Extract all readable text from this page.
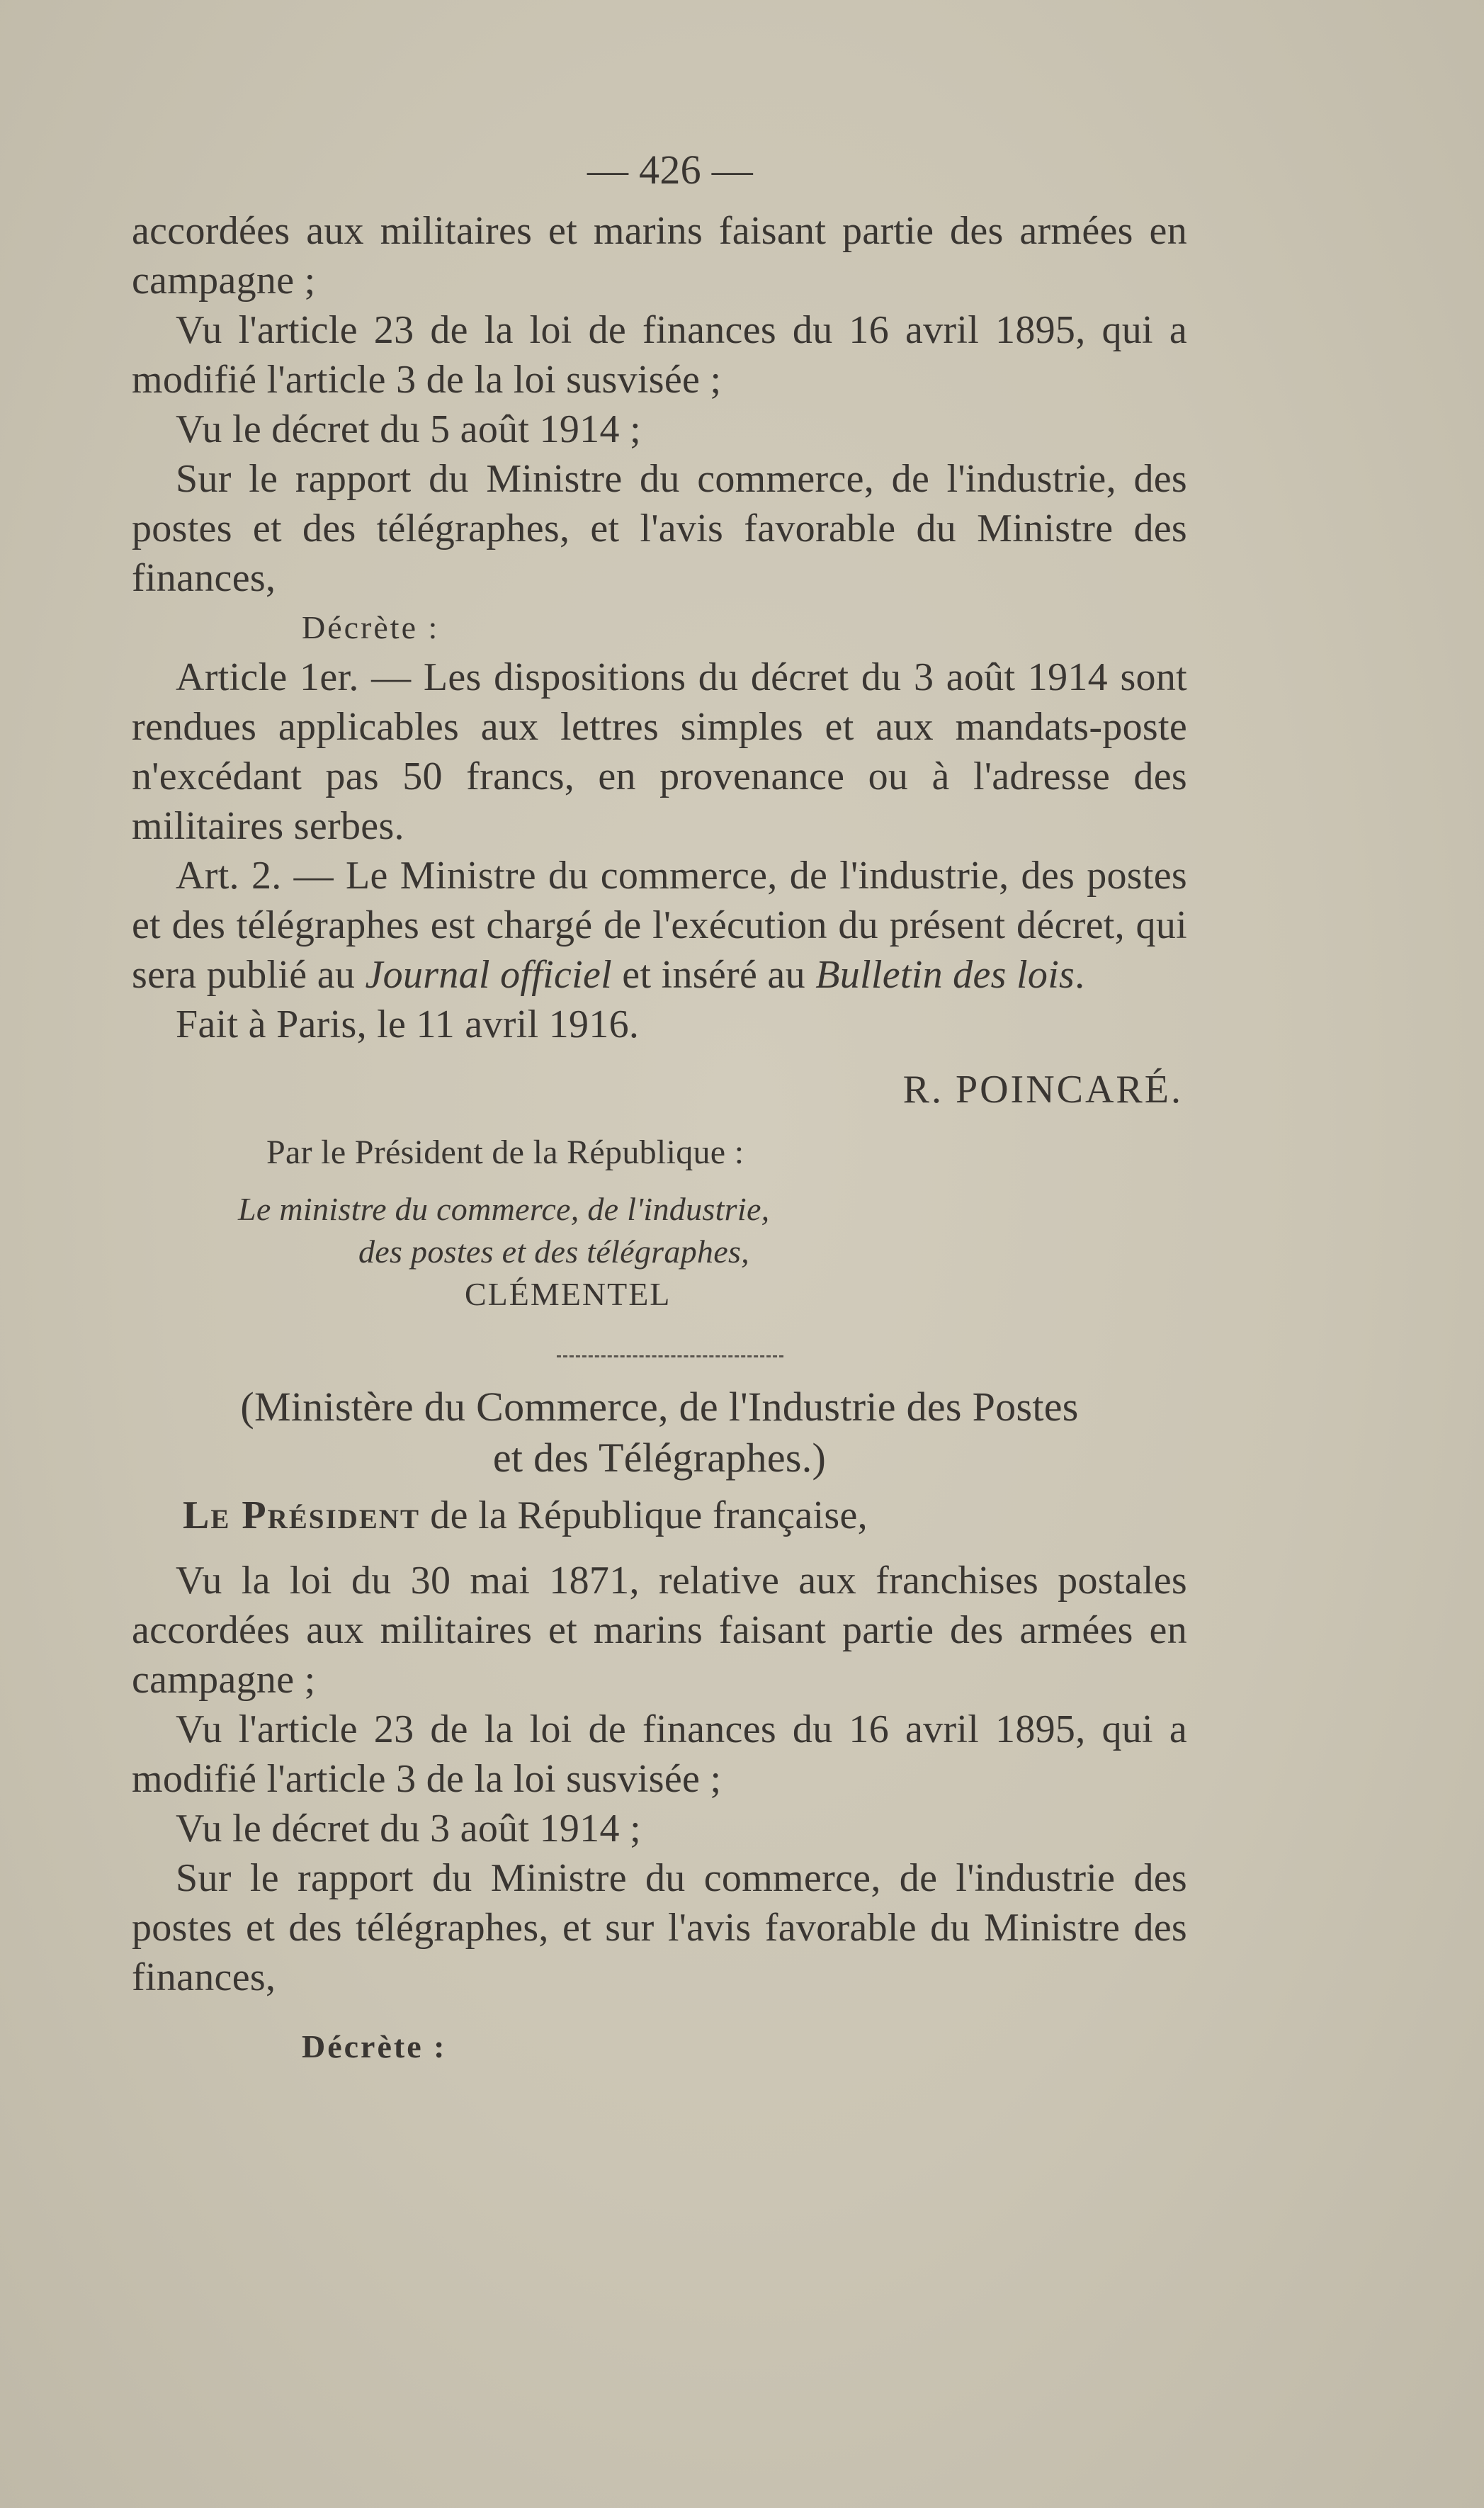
— 426 —

accordées aux militaires et marins faisant partie des armées en campagne ;

Vu l'article 23 de la loi de finances du 16 avril 1895, qui a modifié l'article 3 de la loi susvisée ;

Vu le décret du 5 août 1914 ;

Sur le rapport du Ministre du commerce, de l'industrie, des postes et des télégraphes, et l'avis favorable du Ministre des finances,

Décrète :

Article 1er. — Les dispositions du décret du 3 août 1914 sont rendues applicables aux lettres simples et aux mandats-poste n'excédant pas 50 francs, en provenance ou à l'adresse des militaires serbes.

Art. 2. — Le Ministre du commerce, de l'industrie, des postes et des télégraphes est chargé de l'exécution du présent décret, qui sera publié au Journal officiel et inséré au Bulletin des lois.

Fait à Paris, le 11 avril 1916.

R. POINCARÉ.
Par le Président de la République :
Le ministre du commerce, de l'industrie,
des postes et des télégraphes,
CLÉMENTEL
(Ministère du Commerce, de l'Industrie des Postes
et des Télégraphes.)
Le Président de la République française,

Vu la loi du 30 mai 1871, relative aux franchises postales accordées aux militaires et marins faisant partie des armées en campagne ;

Vu l'article 23 de la loi de finances du 16 avril 1895, qui a modifié l'article 3 de la loi susvisée ;

Vu le décret du 3 août 1914 ;

Sur le rapport du Ministre du commerce, de l'industrie des postes et des télégraphes, et sur l'avis favorable du Ministre des finances,

Décrète :
